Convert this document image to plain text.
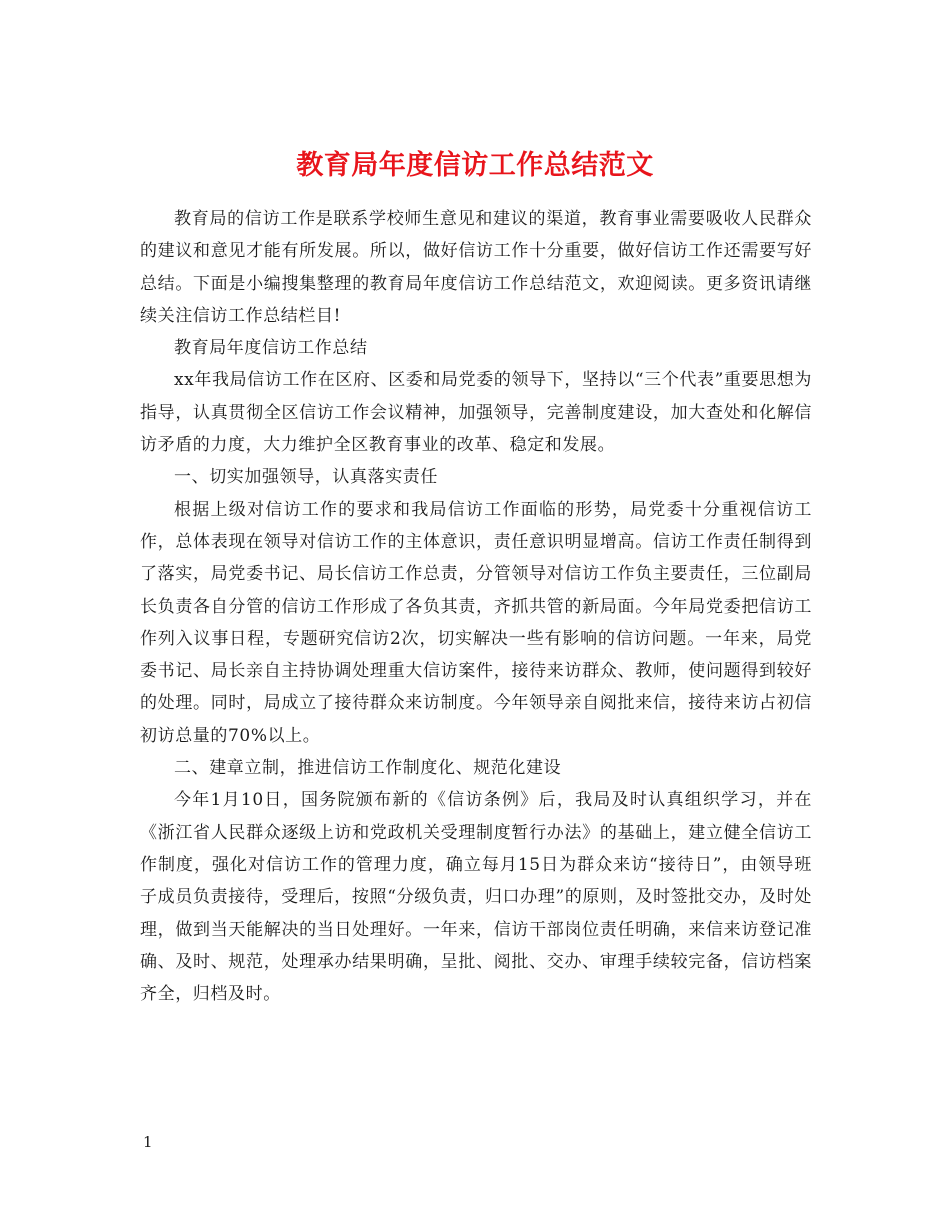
教育局年度信访工作总结范文

教育局的信访工作是联系学校师生意见和建议的渠道，教育事业需要吸收人民群众的建议和意见才能有所发展。所以，做好信访工作十分重要，做好信访工作还需要写好总结。下面是小编搜集整理的教育局年度信访工作总结范文，欢迎阅读。更多资讯请继续关注信访工作总结栏目!

教育局年度信访工作总结

xx年我局信访工作在区府、区委和局党委的领导下，坚持以“三个代表”重要思想为指导，认真贯彻全区信访工作会议精神，加强领导，完善制度建设，加大查处和化解信访矛盾的力度，大力维护全区教育事业的改革、稳定和发展。

一、切实加强领导，认真落实责任

根据上级对信访工作的要求和我局信访工作面临的形势，局党委十分重视信访工作，总体表现在领导对信访工作的主体意识，责任意识明显增高。信访工作责任制得到了落实，局党委书记、局长信访工作总责，分管领导对信访工作负主要责任，三位副局长负责各自分管的信访工作形成了各负其责，齐抓共管的新局面。今年局党委把信访工作列入议事日程，专题研究信访2次，切实解决一些有影响的信访问题。一年来，局党委书记、局长亲自主持协调处理重大信访案件，接待来访群众、教师，使问题得到较好的处理。同时，局成立了接待群众来访制度。今年领导亲自阅批来信，接待来访占初信初访总量的70%以上。

二、建章立制，推进信访工作制度化、规范化建设

今年1月10日，国务院颁布新的《信访条例》后，我局及时认真组织学习，并在《浙江省人民群众逐级上访和党政机关受理制度暂行办法》的基础上，建立健全信访工作制度，强化对信访工作的管理力度，确立每月15日为群众来访“接待日”，由领导班子成员负责接待，受理后，按照“分级负责，归口办理”的原则，及时签批交办，及时处理，做到当天能解决的当日处理好。一年来，信访干部岗位责任明确，来信来访登记准确、及时、规范，处理承办结果明确，呈批、阅批、交办、审理手续较完备，信访档案齐全，归档及时。

1
